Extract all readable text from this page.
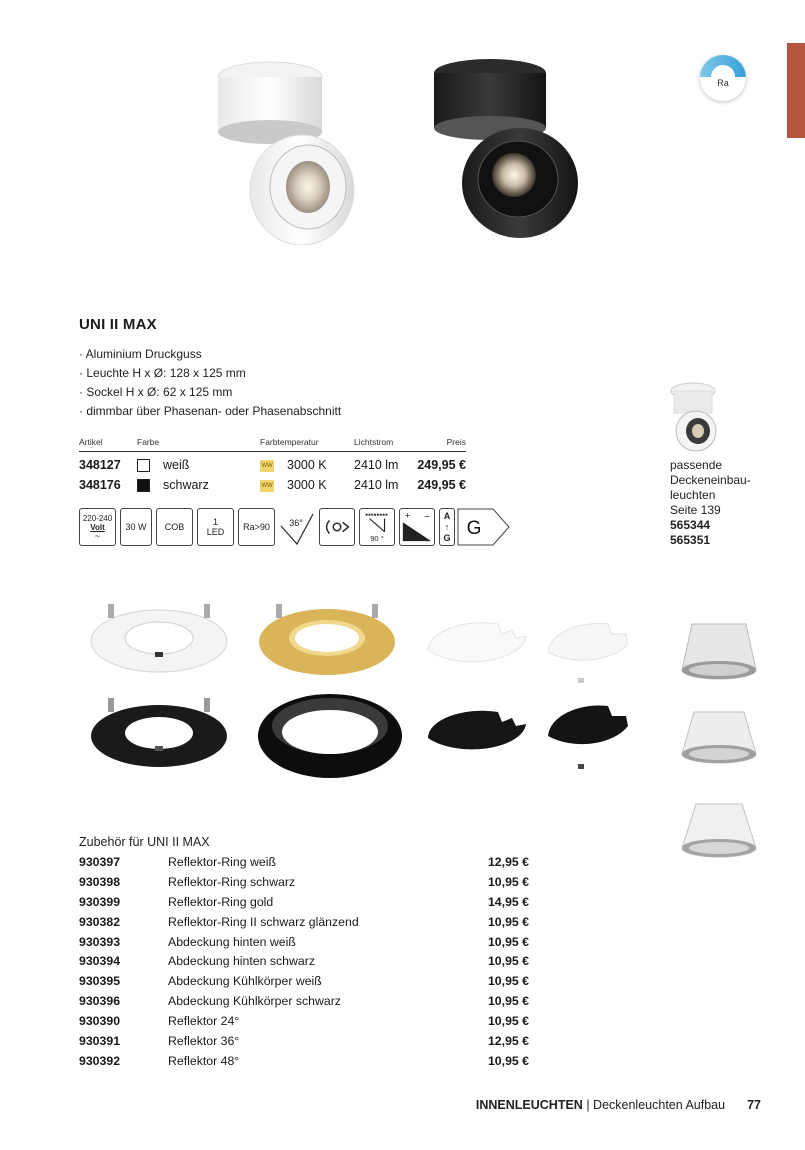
Ra
UNI II MAX
· Aluminium Druckguss
· Leuchte H x Ø: 128 x 125 mm
· Sockel H x Ø: 62 x 125 mm
· dimmbar über Phasenan- oder Phasenabschnitt
Artikel	Farbe	Farbtemperatur	Lichtstrom	Preis
348127	weiß	WW 3000 K 2410 lm 249,95 €
348176	schwarz	WW 3000 K 2410 lm 249,95 €
220-240
Volt
~
30 W	COB	1
LED	Ra>90	36°
90 °
+ – A
↑
G G
passende
Deckeneinbau-
leuchten
Seite 139
565344
565351
Zubehör für UNI II MAX
930397	Reflektor-Ring weiß	12,95 €
930398	Reflektor-Ring schwarz	10,95 €
930399	Reflektor-Ring gold	14,95 €
930382	Reflektor-Ring II schwarz glänzend	10,95 €
930393	Abdeckung hinten weiß	10,95 €
930394	Abdeckung hinten schwarz	10,95 €
930395	Abdeckung Kühlkörper weiß	10,95 €
930396	Abdeckung Kühlkörper schwarz	10,95 €
930390	Reflektor 24°	10,95 €
930391	Reflektor 36°	12,95 €
930392	Reflektor 48°	10,95 €
INNENLEUCHTEN | Deckenleuchten Aufbau 77
